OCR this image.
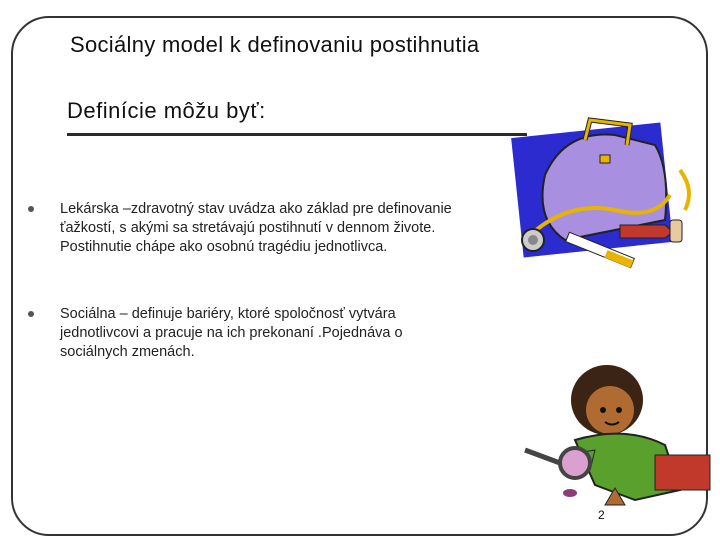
Sociálny model k definovaniu postihnutia
Definície môžu byť:
Lekárska –zdravotný stav uvádza ako základ pre definovanie ťažkostí, s akými sa stretávajú postihnutí v dennom živote. Postihnutie chápe ako osobnú tragédiu jednotlivca.
Sociálna – definuje bariéry, ktoré spoločnosť vytvára jednotlivcovi a pracuje na ich prekonaní .Pojednáva o sociálnych zmenách.
2
